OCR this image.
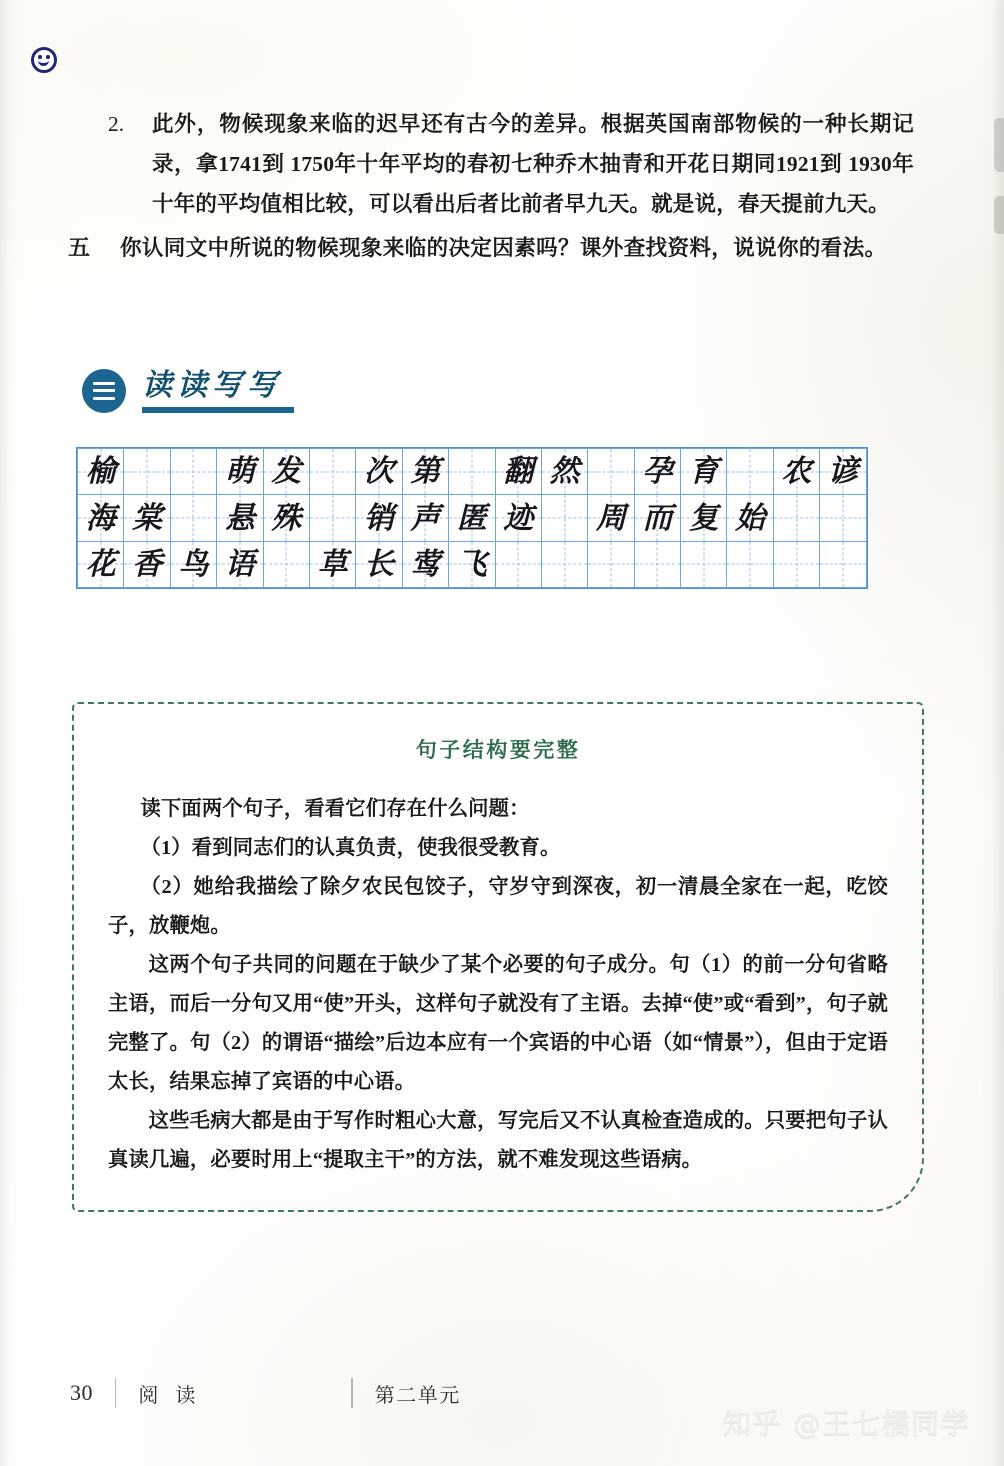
2.	此外，物候现象来临的迟早还有古今的差异。根据英国南部物候的一种长期记录，拿1741到 1750年十年平均的春初七种乔木抽青和开花日期同1921到 1930年十年的平均值相比较，可以看出后者比前者早九天。就是说，春天提前九天。
五	你认同文中所说的物候现象来临的决定因素吗？课外查找资料，说说你的看法。
读读写写
榆			萌	发		次	第		翻	然		孕	育		农	谚

海	棠		悬	殊		销	声	匿	迹		周	而	复	始		

花	香	鸟	语		草	长	莺	飞								

句子结构要完整

读下面两个句子，看看它们存在什么问题：

（1）看到同志们的认真负责，使我很受教育。

（2）她给我描绘了除夕农民包饺子，守岁守到深夜，初一清晨全家在一起，吃饺子，放鞭炮。

这两个句子共同的问题在于缺少了某个必要的句子成分。句（1）的前一分句省略主语，而后一分句又用“使”开头，这样句子就没有了主语。去掉“使”或“看到”，句子就完整了。句（2）的谓语“描绘”后边本应有一个宾语的中心语（如“情景”），但由于定语太长，结果忘掉了宾语的中心语。

这些毛病大都是由于写作时粗心大意，写完后又不认真检查造成的。只要把句子认真读几遍，必要时用上“提取主干”的方法，就不难发现这些语病。

30 阅 读	第二单元
知乎 @王七橘同学
